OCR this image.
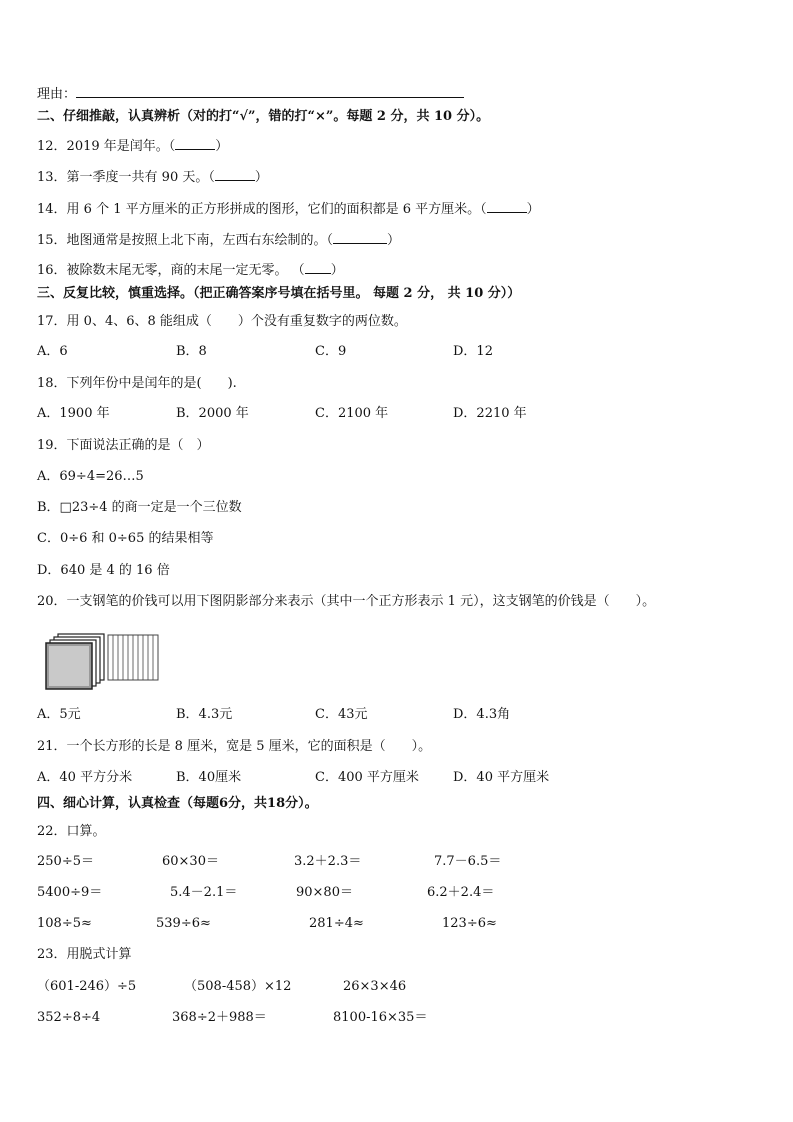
理由：
二、仔细推敲，认真辨析（对的打“√”，错的打“×”。每题 2 分，共 10 分）。
12．2019 年是闰年。（	）
13．第一季度一共有 90 天。（	）
14．用 6 个 1 平方厘米的正方形拼成的图形，它们的面积都是 6 平方厘米。（	）
15．地图通常是按照上北下南，左西右东绘制的。（	）
16．被除数末尾无零，商的末尾一定无零。 （ ）
三、反复比较，慎重选择。（把正确答案序号填在括号里。 每题 2 分， 共 10 分））
17．用 0、4、6、8 能组成（　　）个没有重复数字的两位数。
A．6	B．8	C．9	D．12
18．下列年份中是闰年的是(　　).
A．1900 年	B．2000 年	C．2100 年	D．2210 年
19．下面说法正确的是（　）
A．69÷4=26…5
B．□23÷4 的商一定是一个三位数
C．0÷6 和 0÷65 的结果相等
D．640 是 4 的 16 倍
20．一支钢笔的价钱可以用下图阴影部分来表示（其中一个正方形表示 1 元），这支钢笔的价钱是（　　）。
A．5元	B．4.3元	C．43元	D．4.3角
21．一个长方形的长是 8 厘米，宽是 5 厘米，它的面积是（　　）。
A．40 平方分米	B．40厘米	C．400 平方厘米	D．40 平方厘米
四、细心计算，认真检查（每题6分，共18分）。
22．口算。
250÷5＝	60×30＝	3.2＋2.3＝	7.7－6.5＝
5400÷9＝	5.4－2.1＝	90×80＝	6.2＋2.4＝
108÷5≈	539÷6≈	281÷4≈	123÷6≈
23．用脱式计算
（601-246）÷5	（508-458）×12	26×3×46
352÷8÷4	368÷2＋988＝	8100-16×35＝
